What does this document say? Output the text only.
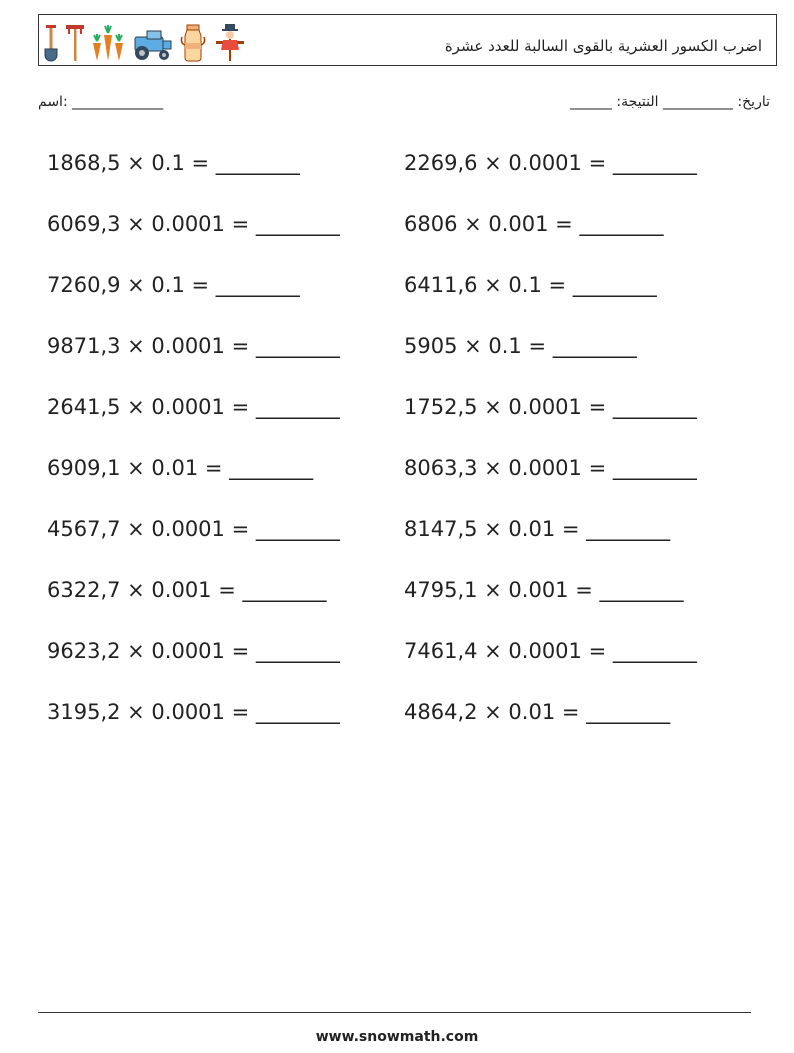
اضرب الكسور العشرية بالقوى السالبة للعدد عشرة
اسم: _____________	______ :تاريخ: __________ النتيجة
1868,5 × 0.1 = ________
6069,3 × 0.0001 = ________
7260,9 × 0.1 = ________
9871,3 × 0.0001 = ________
2641,5 × 0.0001 = ________
6909,1 × 0.01 = ________
4567,7 × 0.0001 = ________
6322,7 × 0.001 = ________
9623,2 × 0.0001 = ________
3195,2 × 0.0001 = ________
2269,6 × 0.0001 = ________
6806 × 0.001 = ________
6411,6 × 0.1 = ________
5905 × 0.1 = ________
1752,5 × 0.0001 = ________
8063,3 × 0.0001 = ________
8147,5 × 0.01 = ________
4795,1 × 0.001 = ________
7461,4 × 0.0001 = ________
4864,2 × 0.01 = ________
www.snowmath.com
